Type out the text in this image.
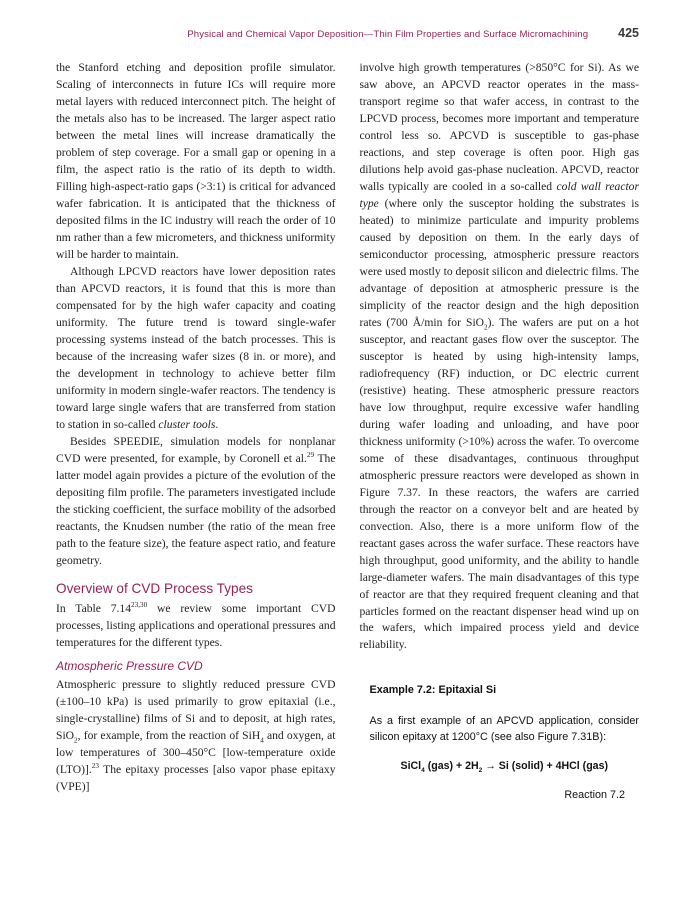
Physical and Chemical Vapor Deposition—Thin Film Properties and Surface Micromachining 425

the Stanford etching and deposition profile simulator. Scaling of interconnects in future ICs will require more metal layers with reduced interconnect pitch. The height of the metals also has to be increased. The larger aspect ratio between the metal lines will increase dramatically the problem of step coverage. For a small gap or opening in a film, the aspect ratio is the ratio of its depth to width. Filling high-aspect-ratio gaps (>3:1) is critical for advanced wafer fabrication. It is anticipated that the thickness of deposited films in the IC industry will reach the order of 10 nm rather than a few micrometers, and thickness uniformity will be harder to maintain.

Although LPCVD reactors have lower deposition rates than APCVD reactors, it is found that this is more than compensated for by the high wafer capacity and coating uniformity. The future trend is toward single-wafer processing systems instead of the batch processes. This is because of the increasing wafer sizes (8 in. or more), and the development in technology to achieve better film uniformity in modern single-wafer reactors. The tendency is toward large single wafers that are transferred from station to station in so-called cluster tools.

Besides SPEEDIE, simulation models for nonplanar CVD were presented, for example, by Coronell et al.$^{29}$ The latter model again provides a picture of the evolution of the depositing film profile. The parameters investigated include the sticking coefficient, the surface mobility of the adsorbed reactants, the Knudsen number (the ratio of the mean free path to the feature size), the feature aspect ratio, and feature geometry.

Overview of CVD Process Types

In Table 7.14$^{23,30}$ we review some important CVD processes, listing applications and operational pressures and temperatures for the different types.

Atmospheric Pressure CVD

Atmospheric pressure to slightly reduced pressure CVD (±100–10 kPa) is used primarily to grow epitaxial (i.e., single-crystalline) films of Si and to deposit, at high rates, SiO$_2$, for example, from the reaction of SiH$_4$ and oxygen, at low temperatures of 300–450°C [low-temperature oxide (LTO)].$^{23}$ The epitaxy processes [also vapor phase epitaxy (VPE)]

involve high growth temperatures (>850°C for Si). As we saw above, an APCVD reactor operates in the mass-transport regime so that wafer access, in contrast to the LPCVD process, becomes more important and temperature control less so. APCVD is susceptible to gas-phase reactions, and step coverage is often poor. High gas dilutions help avoid gas-phase nucleation. APCVD, reactor walls typically are cooled in a so-called cold wall reactor type (where only the susceptor holding the substrates is heated) to minimize particulate and impurity problems caused by deposition on them. In the early days of semiconductor processing, atmospheric pressure reactors were used mostly to deposit silicon and dielectric films. The advantage of deposition at atmospheric pressure is the simplicity of the reactor design and the high deposition rates (700 Å/min for SiO$_2$). The wafers are put on a hot susceptor, and reactant gases flow over the susceptor. The susceptor is heated by using high-intensity lamps, radiofrequency (RF) induction, or DC electric current (resistive) heating. These atmospheric pressure reactors have low throughput, require excessive wafer handling during wafer loading and unloading, and have poor thickness uniformity (>10%) across the wafer. To overcome some of these disadvantages, continuous throughput atmospheric pressure reactors were developed as shown in Figure 7.37. In these reactors, the wafers are carried through the reactor on a conveyor belt and are heated by convection. Also, there is a more uniform flow of the reactant gases across the wafer surface. These reactors have high throughput, good uniformity, and the ability to handle large-diameter wafers. The main disadvantages of this type of reactor are that they required frequent cleaning and that particles formed on the reactant dispenser head wind up on the wafers, which impaired process yield and device reliability.

Example 7.2: Epitaxial Si

As a first example of an APCVD application, consider silicon epitaxy at 1200°C (see also Figure 7.31B):

SiCl$_4$ $(gas) + 2H_2 \to Si$ (solid) + 4HCl (gas)

Reaction 7.2
